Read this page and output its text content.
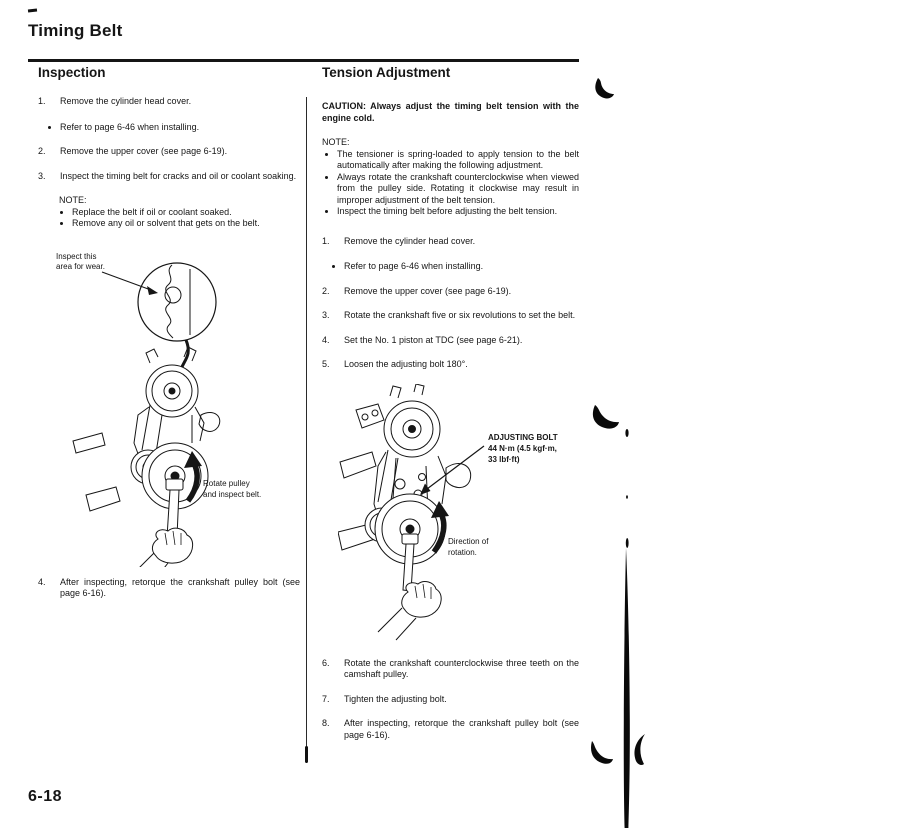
Timing Belt
Inspection
1.	Remove the cylinder head cover.
• Refer to page 6-46 when installing.
2.	Remove the upper cover (see page 6-19).
3.	Inspect the timing belt for cracks and oil or coolant soaking.
NOTE:
• Replace the belt if oil or coolant soaked.
• Remove any oil or solvent that gets on the belt.
Inspect this
area for wear.
Rotate pulley
and inspect belt.
4.	After inspecting, retorque the crankshaft pulley bolt (see page 6-16).
Tension Adjustment
CAUTION: Always adjust the timing belt tension with the engine cold.
NOTE:
• The tensioner is spring-loaded to apply tension to the belt automatically after making the following adjustment.
• Always rotate the crankshaft counterclockwise when viewed from the pulley side. Rotating it clockwise may result in improper adjustment of the belt tension.
• Inspect the timing belt before adjusting the belt tension.
1.	Remove the cylinder head cover.
• Refer to page 6-46 when installing.
2.	Remove the upper cover (see page 6-19).
3.	Rotate the crankshaft five or six revolutions to set the belt.
4.	Set the No. 1 piston at TDC (see page 6-21).
5.	Loosen the adjusting bolt 180°.
ADJUSTING BOLT
44 N·m (4.5 kgf·m,
33 lbf·ft)
Direction of
rotation.
6.	Rotate the crankshaft counterclockwise three teeth on the camshaft pulley.
7.	Tighten the adjusting bolt.
8.	After inspecting, retorque the crankshaft pulley bolt (see page 6-16).
6-18
